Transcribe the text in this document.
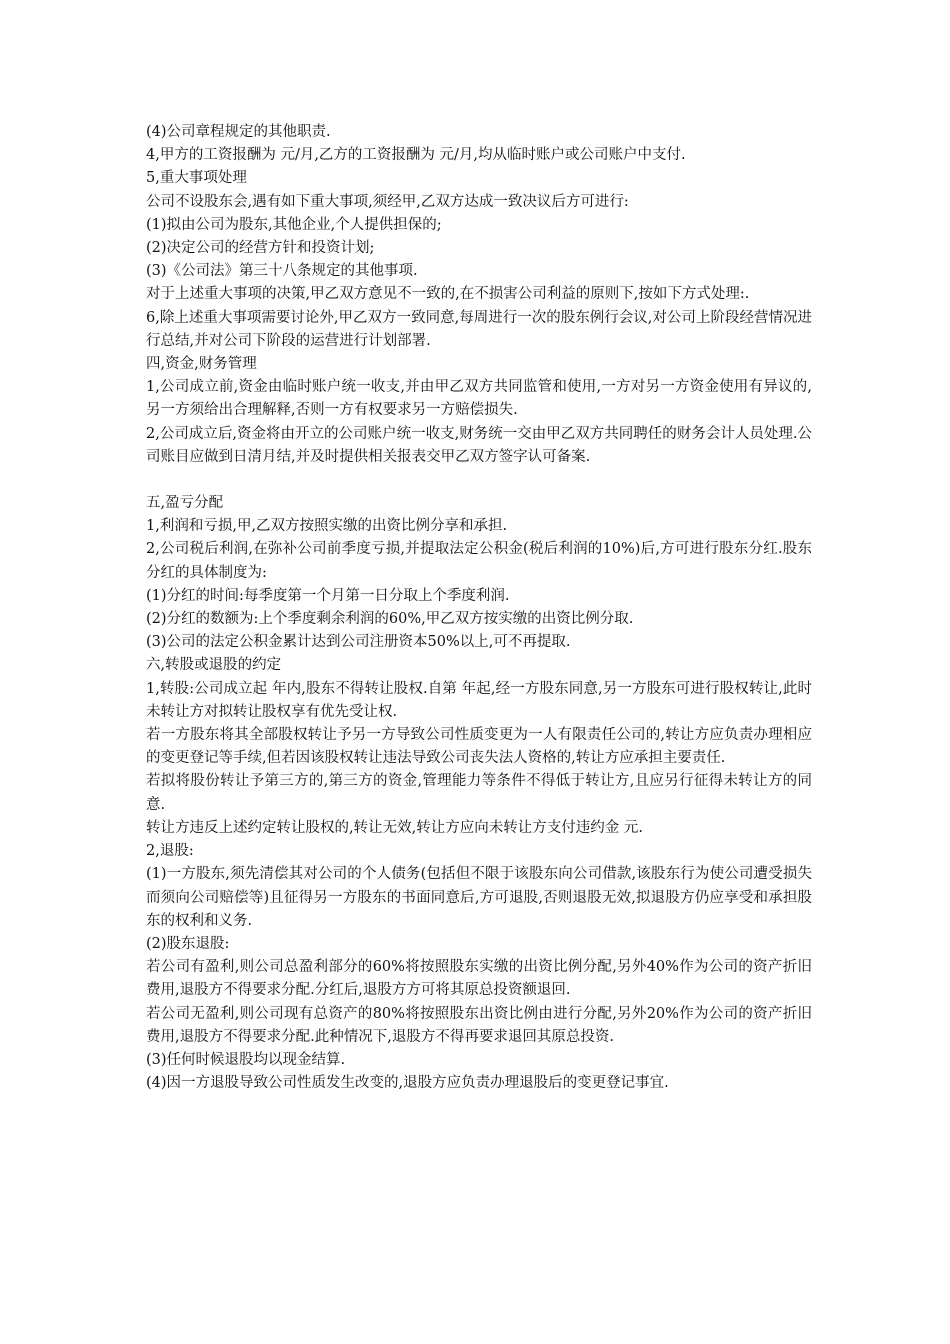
(4)公司章程规定的其他职责.

4,甲方的工资报酬为 元/月,乙方的工资报酬为 元/月,均从临时账户或公司账户中支付.

5,重大事项处理

公司不设股东会,遇有如下重大事项,须经甲,乙双方达成一致决议后方可进行:

(1)拟由公司为股东,其他企业,个人提供担保的;

(2)决定公司的经营方针和投资计划;

(3)《公司法》第三十八条规定的其他事项.

对于上述重大事项的决策,甲乙双方意见不一致的,在不损害公司利益的原则下,按如下方式处理:.

6,除上述重大事项需要讨论外,甲乙双方一致同意,每周进行一次的股东例行会议,对公司上阶段经营情况进行总结,并对公司下阶段的运营进行计划部署.

四,资金,财务管理

1,公司成立前,资金由临时账户统一收支,并由甲乙双方共同监管和使用,一方对另一方资金使用有异议的,另一方须给出合理解释,否则一方有权要求另一方赔偿损失.

2,公司成立后,资金将由开立的公司账户统一收支,财务统一交由甲乙双方共同聘任的财务会计人员处理.公司账目应做到日清月结,并及时提供相关报表交甲乙双方签字认可备案.

五,盈亏分配

1,利润和亏损,甲,乙双方按照实缴的出资比例分享和承担.

2,公司税后利润,在弥补公司前季度亏损,并提取法定公积金(税后利润的10%)后,方可进行股东分红.股东分红的具体制度为:

(1)分红的时间:每季度第一个月第一日分取上个季度利润.

(2)分红的数额为:上个季度剩余利润的60%,甲乙双方按实缴的出资比例分取.

(3)公司的法定公积金累计达到公司注册资本50%以上,可不再提取.

六,转股或退股的约定

1,转股:公司成立起 年内,股东不得转让股权.自第 年起,经一方股东同意,另一方股东可进行股权转让,此时未转让方对拟转让股权享有优先受让权.

若一方股东将其全部股权转让予另一方导致公司性质变更为一人有限责任公司的,转让方应负责办理相应的变更登记等手续,但若因该股权转让违法导致公司丧失法人资格的,转让方应承担主要责任.

若拟将股份转让予第三方的,第三方的资金,管理能力等条件不得低于转让方,且应另行征得未转让方的同意.

转让方违反上述约定转让股权的,转让无效,转让方应向未转让方支付违约金 元.

2,退股:

(1)一方股东,须先清偿其对公司的个人债务(包括但不限于该股东向公司借款,该股东行为使公司遭受损失而须向公司赔偿等)且征得另一方股东的书面同意后,方可退股,否则退股无效,拟退股方仍应享受和承担股东的权利和义务.

(2)股东退股:

若公司有盈利,则公司总盈利部分的60%将按照股东实缴的出资比例分配,另外40%作为公司的资产折旧费用,退股方不得要求分配.分红后,退股方方可将其原总投资额退回.

若公司无盈利,则公司现有总资产的80%将按照股东出资比例由进行分配,另外20%作为公司的资产折旧费用,退股方不得要求分配.此种情况下,退股方不得再要求退回其原总投资.

(3)任何时候退股均以现金结算.

(4)因一方退股导致公司性质发生改变的,退股方应负责办理退股后的变更登记事宜.
